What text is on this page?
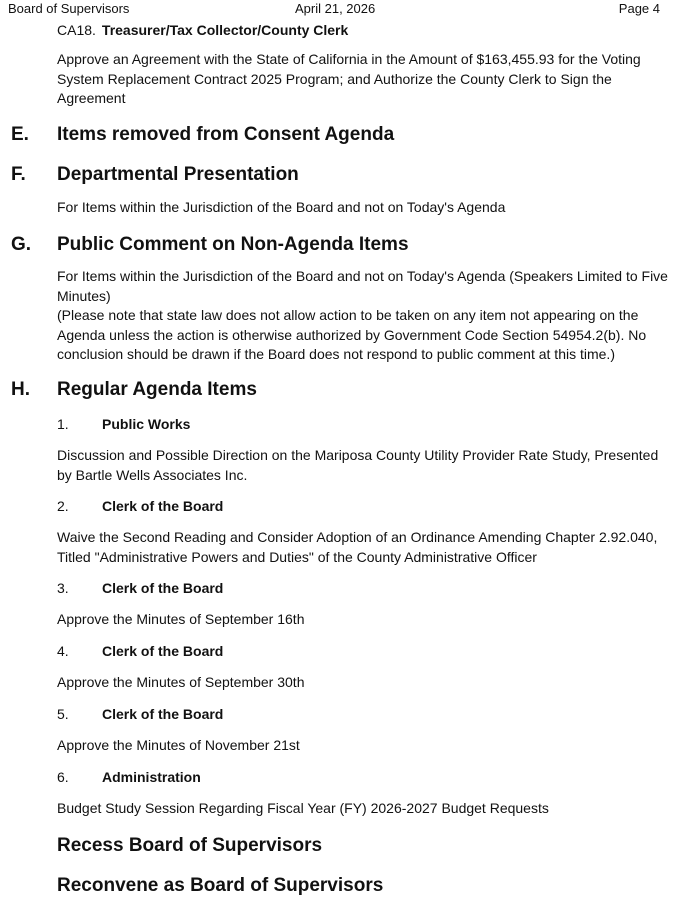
Board of Supervisors	April 21, 2026	Page 4
CA18. Treasurer/Tax Collector/County Clerk
Approve an Agreement with the State of California in the Amount of $163,455.93 for the Voting System Replacement Contract 2025 Program; and Authorize the County Clerk to Sign the Agreement
E. Items removed from Consent Agenda
F. Departmental Presentation
For Items within the Jurisdiction of the Board and not on Today's Agenda
G. Public Comment on Non-Agenda Items
For Items within the Jurisdiction of the Board and not on Today's Agenda (Speakers Limited to Five Minutes)
(Please note that state law does not allow action to be taken on any item not appearing on the Agenda unless the action is otherwise authorized by Government Code Section 54954.2(b). No conclusion should be drawn if the Board does not respond to public comment at this time.)
H. Regular Agenda Items
1. Public Works
Discussion and Possible Direction on the Mariposa County Utility Provider Rate Study, Presented by Bartle Wells Associates Inc.
2. Clerk of the Board
Waive the Second Reading and Consider Adoption of an Ordinance Amending Chapter 2.92.040, Titled "Administrative Powers and Duties" of the County Administrative Officer
3. Clerk of the Board
Approve the Minutes of September 16th
4. Clerk of the Board
Approve the Minutes of September 30th
5. Clerk of the Board
Approve the Minutes of November 21st
6. Administration
Budget Study Session Regarding Fiscal Year (FY) 2026-2027 Budget Requests
Recess Board of Supervisors
Reconvene as Board of Supervisors
